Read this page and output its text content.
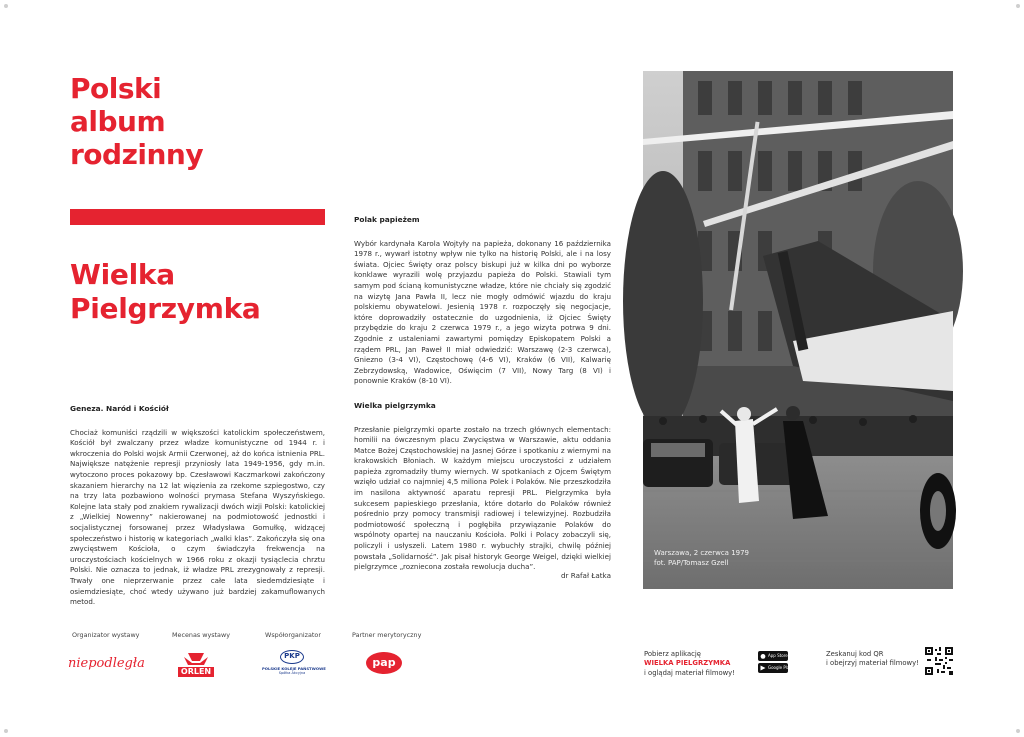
Polski
album
rodzinny
Wielka
Pielgrzymka
Geneza. Naród i Kościół

Chociaż komuniści rządzili w większości katolickim społeczeństwem, Kościół był zwalczany przez władze komunistyczne od 1944 r. i wkroczenia do Polski wojsk Armii Czerwonej, aż do końca istnienia PRL. Największe natężenie represji przyniosły lata 1949-1956, gdy m.in. wytoczono proces pokazowy bp. Czesławowi Kaczmarkowi zakończony skazaniem hierarchy na 12 lat więzienia za rzekome szpiegostwo, czy na trzy lata pozbawiono wolności prymasa Stefana Wyszyńskiego. Kolejne lata stały pod znakiem rywalizacji dwóch wizji Polski: katolickiej z „Wielkiej Nowenny” nakierowanej na podmiotowość jednostki i socjalistycznej forsowanej przez Władysława Gomułkę, widzącej społeczeństwo i historię w kategoriach „walki klas”. Zakończyła się ona zwycięstwem Kościoła, o czym świadczyła frekwencja na uroczystościach kościelnych w 1966 roku z okazji tysiąclecia chrztu Polski. Nie oznacza to jednak, iż władze PRL zrezygnowały z represji. Trwały one nieprzerwanie przez całe lata siedemdziesiąte i osiemdziesiąte, choć wtedy używano już bardziej zakamuflowanych metod.

Polak papieżem

Wybór kardynała Karola Wojtyły na papieża, dokonany 16 października 1978 r., wywarł istotny wpływ nie tylko na historię Polski, ale i na losy świata. Ojciec Święty oraz polscy biskupi już w kilka dni po wyborze konklawe wyrazili wolę przyjazdu papieża do Polski. Stawiali tym samym pod ścianą komunistyczne władze, które nie chciały się zgodzić na wizytę Jana Pawła II, lecz nie mogły odmówić wjazdu do kraju polskiemu obywatelowi. Jesienią 1978 r. rozpoczęły się negocjacje, które doprowadziły ostatecznie do uzgodnienia, iż Ojciec Święty przybędzie do kraju 2 czerwca 1979 r., a jego wizyta potrwa 9 dni. Zgodnie z ustaleniami zawartymi pomiędzy Episkopatem Polski a rządem PRL, Jan Paweł II miał odwiedzić: Warszawę (2-3 czerwca), Gniezno (3-4 VI), Częstochowę (4-6 VI), Kraków (6 VII), Kalwarię Zebrzydowską, Wadowice, Oświęcim (7 VII), Nowy Targ (8 VI) i ponownie Kraków (8-10 VI).

Wielka pielgrzymka

Przesłanie pielgrzymki oparte zostało na trzech głównych elementach: homilii na ówczesnym placu Zwycięstwa w Warszawie, aktu oddania Matce Bożej Częstochowskiej na Jasnej Górze i spotkaniu z wiernymi na krakowskich Błoniach. W każdym miejscu uroczystości z udziałem papieża zgromadziły tłumy wiernych. W spotkaniach z Ojcem Świętym wzięło udział co najmniej 4,5 miliona Polek i Polaków. Nie przeszkodziła im nasilona aktywność aparatu represji PRL. Pielgrzymka była sukcesem papieskiego przesłania, które dotarło do Polaków również pośrednio przy pomocy transmisji radiowej i telewizyjnej. Rozbudziła podmiotowość społeczną i pogłębiła przywiązanie Polaków do wspólnoty opartej na nauczaniu Kościoła. Polki i Polacy zobaczyli się, policzyli i usłyszeli. Latem 1980 r. wybuchły strajki, chwilę później powstała „Solidarność”. Jak pisał historyk George Weigel, dzięki wielkiej pielgrzymce „rozniecona została rewolucja ducha”.

dr Rafał Łatka
Warszawa, 2 czerwca 1979
fot. PAP/Tomasz Gzell
Organizator wystawy	Mecenas wystawy	Współorganizator	Partner merytoryczny
niepodległa
ORLEN
PKP
POLSKIE KOLEJE PAŃSTWOWE
Spółka Akcyjna
pap
Pobierz aplikację
WIELKA PIELGRZYMKA
i oglądaj materiał filmowy!
App Store
Google Play
Zeskanuj kod QR
i obejrzyj materiał filmowy!
